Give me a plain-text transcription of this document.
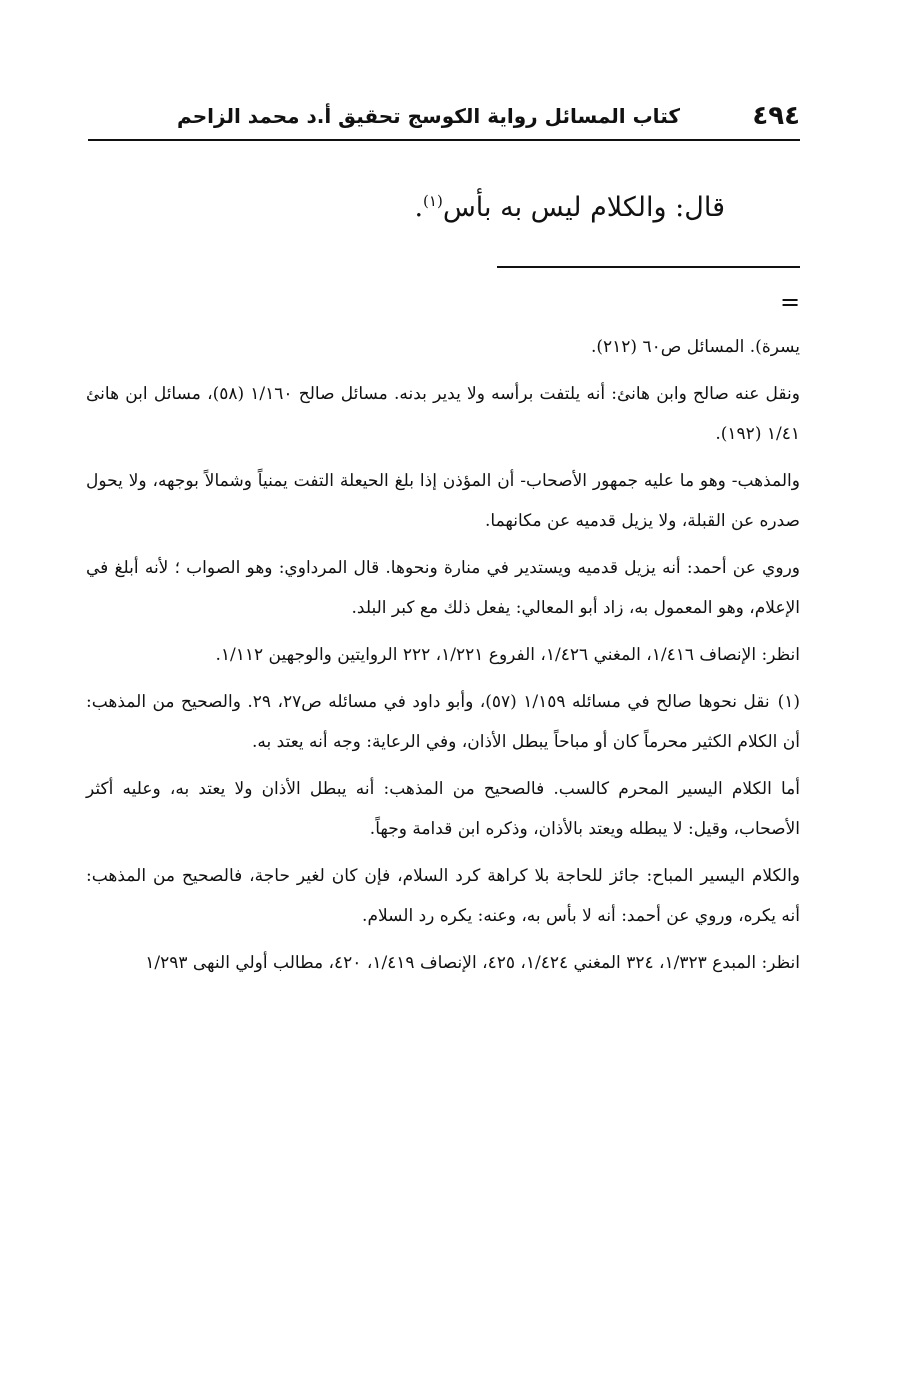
٤٩٤
كتاب المسائل رواية الكوسج تحقيق أ.د محمد الزاحم
قال: والكلام ليس به بأس$^{(١)}$.
=

يسرة). المسائل ص٦٠ (٢١٢).

ونقل عنه صالح وابن هانئ: أنه يلتفت برأسه ولا يدير بدنه. مسائل صالح ١/١٦٠ (٥٨)، مسائل ابن هانئ ١/٤١ (١٩٢).

والمذهب- وهو ما عليه جمهور الأصحاب- أن المؤذن إذا بلغ الحيعلة التفت يمنياً وشمالاً بوجهه، ولا يحول صدره عن القبلة، ولا يزيل قدميه عن مكانهما.

وروي عن أحمد: أنه يزيل قدميه ويستدير في منارة ونحوها. قال المرداوي: وهو الصواب ؛ لأنه أبلغ في الإعلام، وهو المعمول به، زاد أبو المعالي: يفعل ذلك مع كبر البلد.

انظر: الإنصاف ١/٤١٦، المغني ١/٤٢٦، الفروع ١/٢٢١، ٢٢٢ الروايتين والوجهين ١/١١٢.

(١)نقل نحوها صالح في مسائله ١/١٥٩ (٥٧)، وأبو داود في مسائله ص٢٧، ٢٩. والصحيح من المذهب: أن الكلام الكثير محرماً كان أو مباحاً يبطل الأذان، وفي الرعاية: وجه أنه يعتد به.

أما الكلام اليسير المحرم كالسب. فالصحيح من المذهب: أنه يبطل الأذان ولا يعتد به، وعليه أكثر الأصحاب، وقيل: لا يبطله ويعتد بالأذان، وذكره ابن قدامة وجهاً.

والكلام اليسير المباح: جائز للحاجة بلا كراهة كرد السلام، فإن كان لغير حاجة، فالصحيح من المذهب: أنه يكره، وروي عن أحمد: أنه لا بأس به، وعنه: يكره رد السلام.

انظر: المبدع ١/٣٢٣، ٣٢٤ المغني ١/٤٢٤، ٤٢٥، الإنصاف ١/٤١٩، ٤٢٠، مطالب أولي النهى ١/٢٩٣
